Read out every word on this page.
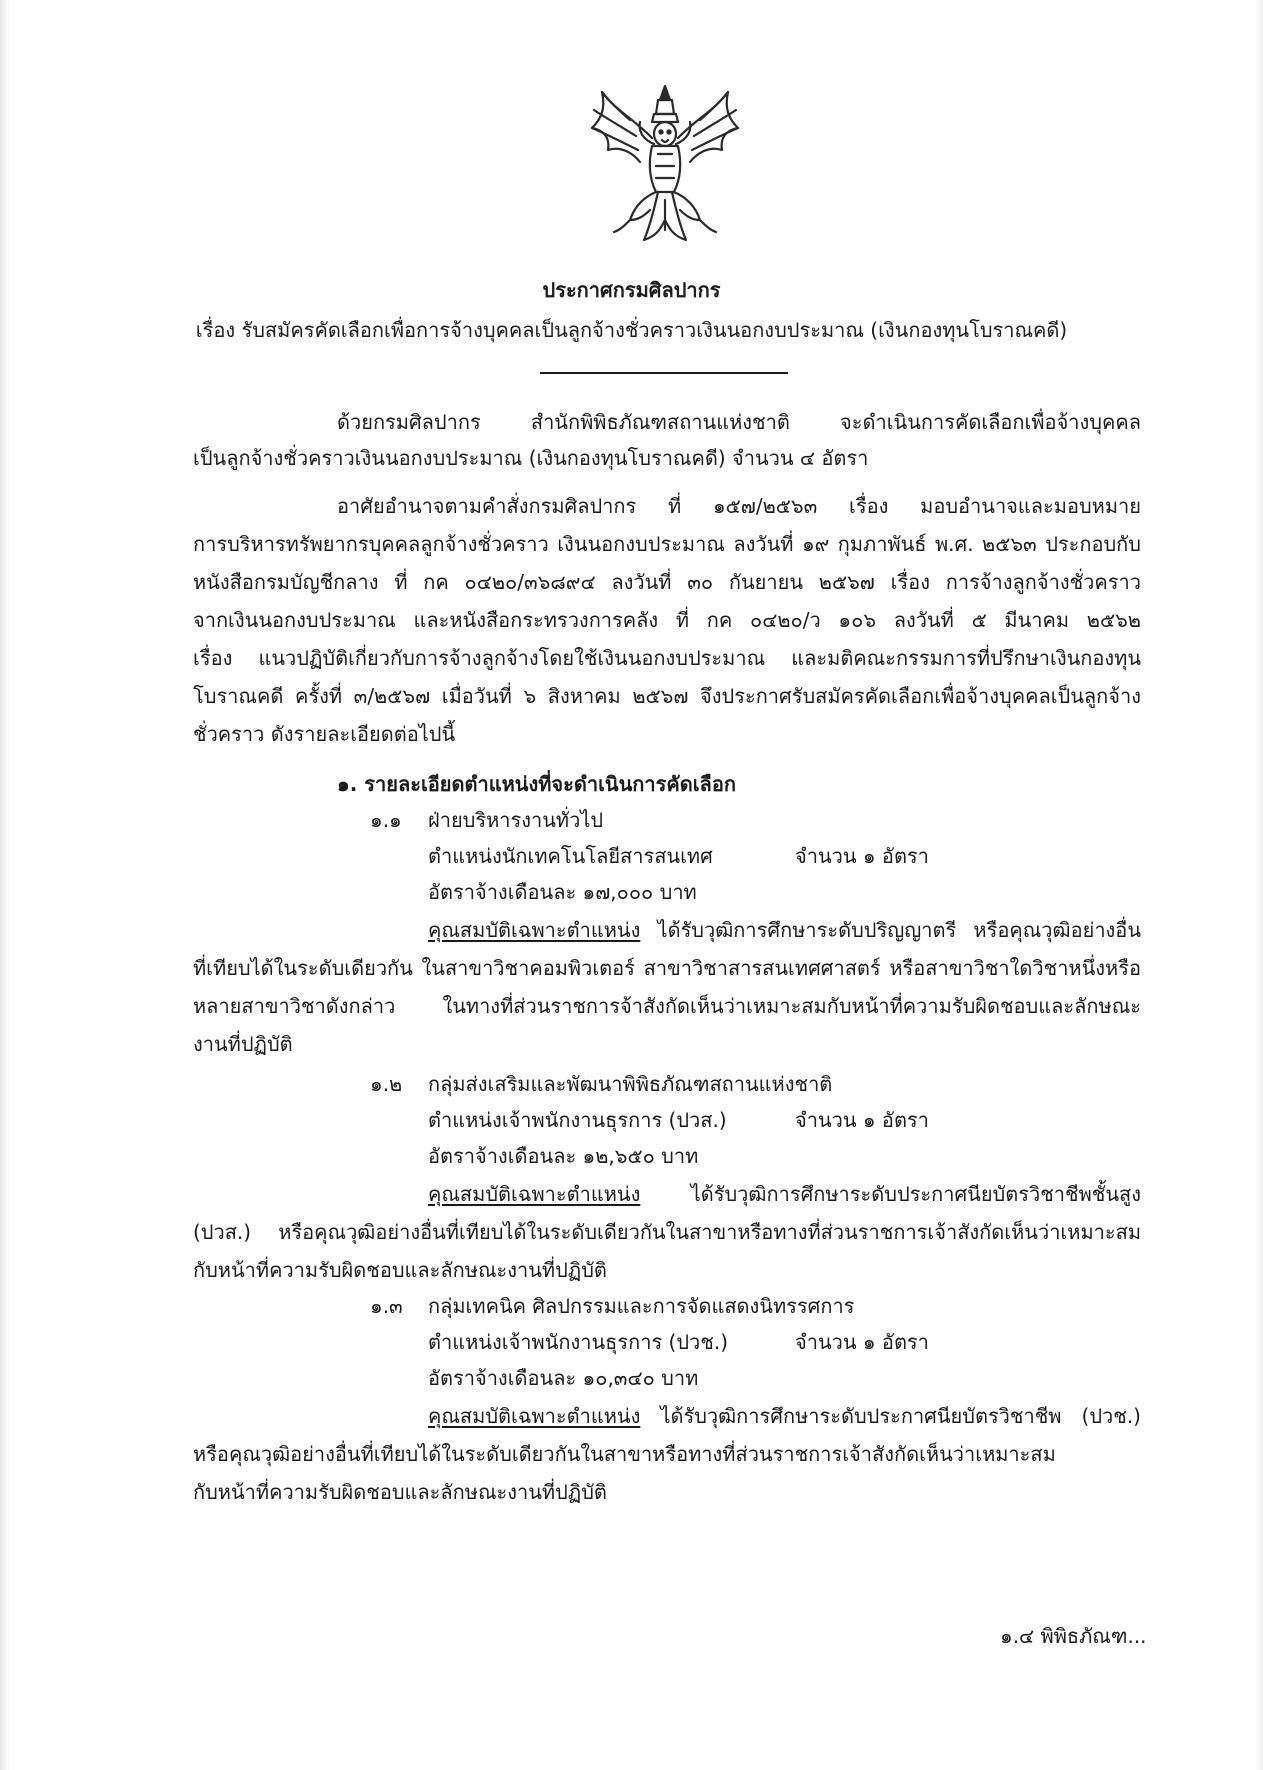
ประกาศกรมศิลปากร
เรื่อง รับสมัครคัดเลือกเพื่อการจ้างบุคคลเป็นลูกจ้างชั่วคราวเงินนอกงบประมาณ (เงินกองทุนโบราณคดี)
ด้วยกรมศิลปากร สำนักพิพิธภัณฑสถานแห่งชาติ จะดำเนินการคัดเลือกเพื่อจ้างบุคคล
เป็นลูกจ้างชั่วคราวเงินนอกงบประมาณ (เงินกองทุนโบราณคดี) จำนวน ๔ อัตรา
อาศัยอำนาจตามคำสั่งกรมศิลปากร ที่ ๑๕๗/๒๕๖๓ เรื่อง มอบอำนาจและมอบหมาย
การบริหารทรัพยากรบุคคลลูกจ้างชั่วคราว เงินนอกงบประมาณ ลงวันที่ ๑๙ กุมภาพันธ์ พ.ศ. ๒๕๖๓ ประกอบกับ
หนังสือกรมบัญชีกลาง ที่ กค ๐๔๒๐/๓๖๘๙๔ ลงวันที่ ๓๐ กันยายน ๒๕๖๗ เรื่อง การจ้างลูกจ้างชั่วคราว
จากเงินนอกงบประมาณ และหนังสือกระทรวงการคลัง ที่ กค ๐๔๒๐/ว ๑๐๖ ลงวันที่ ๕ มีนาคม ๒๕๖๒
เรื่อง แนวปฏิบัติเกี่ยวกับการจ้างลูกจ้างโดยใช้เงินนอกงบประมาณ และมติคณะกรรมการที่ปรึกษาเงินกองทุน
โบราณคดี ครั้งที่ ๓/๒๕๖๗ เมื่อวันที่ ๖ สิงหาคม ๒๕๖๗ จึงประกาศรับสมัครคัดเลือกเพื่อจ้างบุคคลเป็นลูกจ้าง
ชั่วคราว ดังรายละเอียดต่อไปนี้
๑. รายละเอียดตำแหน่งที่จะดำเนินการคัดเลือก
๑.๑ ฝ่ายบริหารงานทั่วไป
ตำแหน่งนักเทคโนโลยีสารสนเทศ	จำนวน ๑ อัตรา
อัตราจ้างเดือนละ ๑๗,๐๐๐ บาท
คุณสมบัติเฉพาะตำแหน่ง ได้รับวุฒิการศึกษาระดับปริญญาตรี หรือคุณวุฒิอย่างอื่น
ที่เทียบได้ในระดับเดียวกัน ในสาขาวิชาคอมพิวเตอร์ สาขาวิชาสารสนเทศศาสตร์ หรือสาขาวิชาใดวิชาหนึ่งหรือ
หลายสาขาวิชาดังกล่าว ในทางที่ส่วนราชการจ้าสังกัดเห็นว่าเหมาะสมกับหน้าที่ความรับผิดชอบและลักษณะ
งานที่ปฏิบัติ
๑.๒ กลุ่มส่งเสริมและพัฒนาพิพิธภัณฑสถานแห่งชาติ
ตำแหน่งเจ้าพนักงานธุรการ (ปวส.)	จำนวน ๑ อัตรา
อัตราจ้างเดือนละ ๑๒,๖๕๐ บาท
คุณสมบัติเฉพาะตำแหน่ง ได้รับวุฒิการศึกษาระดับประกาศนียบัตรวิชาชีพชั้นสูง
(ปวส.) หรือคุณวุฒิอย่างอื่นที่เทียบได้ในระดับเดียวกันในสาขาหรือทางที่ส่วนราชการเจ้าสังกัดเห็นว่าเหมาะสม
กับหน้าที่ความรับผิดชอบและลักษณะงานที่ปฏิบัติ
๑.๓ กลุ่มเทคนิค ศิลปกรรมและการจัดแสดงนิทรรศการ
ตำแหน่งเจ้าพนักงานธุรการ (ปวช.)	จำนวน ๑ อัตรา
อัตราจ้างเดือนละ ๑๐,๓๔๐ บาท
คุณสมบัติเฉพาะตำแหน่ง ได้รับวุฒิการศึกษาระดับประกาศนียบัตรวิชาชีพ (ปวช.)
หรือคุณวุฒิอย่างอื่นที่เทียบได้ในระดับเดียวกันในสาขาหรือทางที่ส่วนราชการเจ้าสังกัดเห็นว่าเหมาะสม
กับหน้าที่ความรับผิดชอบและลักษณะงานที่ปฏิบัติ
๑.๔ พิพิธภัณฑ...
